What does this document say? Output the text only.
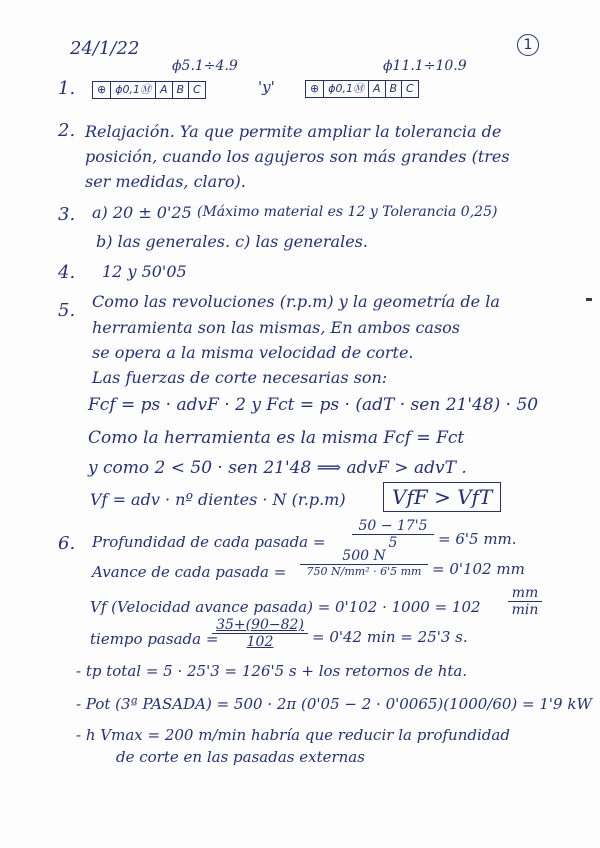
24/1/22	1
ϕ5.1÷4.9	ϕ11.1÷10.9
1.	⊕ ϕ0,1Ⓜ A B C	'y'	⊕ ϕ0,1Ⓜ A B C
2. Relajación. Ya que permite ampliar la tolerancia de
posición, cuando los agujeros son más grandes (tres
ser medidas, claro).
3. a) 20 ± 0'25 (Máximo material es 12 y Tolerancia 0,25)
b) las generales. c) las generales.
4. 12 y 50'05
5. Como las revoluciones (r.p.m) y la geometría de la
herramienta son las mismas, En ambos casos
se opera a la misma velocidad de corte.
Las fuerzas de corte necesarias son:
Fcf = ps · advF · 2 y Fct = ps · (adT · sen 21'48) · 50
Como la herramienta es la misma Fcf = Fct
y como 2 < 50 · sen 21'48 ⟹ advF > advT .
Vf = adv · nº dientes · N (r.p.m)	VfF > VfT
6. Profundidad de cada pasada = $\frac{50 - 17'5}{5} = 6'5$ mm.
Avance de cada pasada =
500 N
750 N/mm² · 6'5 mm = 0'102 mm
Vf (Velocidad avance pasada) = 0'102 · 1000 = 102
mm
min
tiempo pasada =
$\frac{35+(90-82)}{102} = 0'42$ min = 25'3 s.
- tp total = 5 · 25'3 = 126'5 s + los retornos de hta.
- Pot (3ª PASADA) = 500 · 2π (0'05 − 2 · 0'0065)(1000/60) = 1'9 kW
- h Vmax = 200 m/min habría que reducir la profundidad
de corte en las pasadas externas
